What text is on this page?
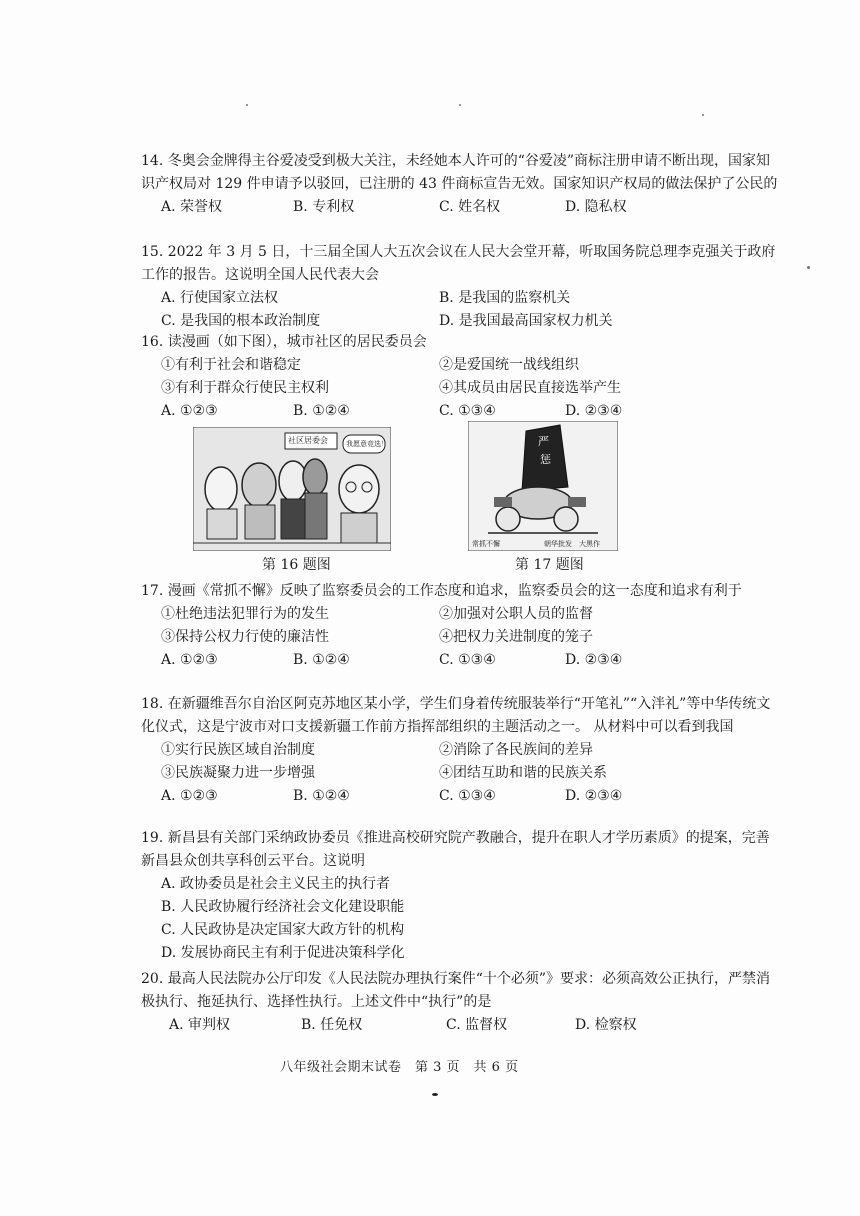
14. 冬奥会金牌得主谷爱凌受到极大关注，未经她本人许可的“谷爱凌”商标注册申请不断出现，国家知识产权局对 129 件申请予以驳回，已注册的 43 件商标宣告无效。国家知识产权局的做法保护了公民的

A. 荣誉权	B. 专利权	C. 姓名权	D. 隐私权

15. 2022 年 3 月 5 日，十三届全国人大五次会议在人民大会堂开幕，听取国务院总理李克强关于政府工作的报告。这说明全国人民代表大会

A. 行使国家立法权	B. 是我国的监察机关
C. 是我国的根本政治制度	D. 是我国最高国家权力机关

16. 读漫画（如下图），城市社区的居民委员会

①有利于社会和谐稳定	②是爱国统一战线组织
③有利于群众行使民主权利	④其成员由居民直接选举产生
A. ①②③	B. ①②④	C. ①③④	D. ②③④
社区居委会	我愿意竞选！
第 16 题图
严
惩
常抓不懈	朝华批发　大黑作
第 17 题图

17. 漫画《常抓不懈》反映了监察委员会的工作态度和追求，监察委员会的这一态度和追求有利于

①杜绝违法犯罪行为的发生	②加强对公职人员的监督
③保持公权力行使的廉洁性	④把权力关进制度的笼子
A. ①②③	B. ①②④	C. ①③④	D. ②③④

18. 在新疆维吾尔自治区阿克苏地区某小学，学生们身着传统服装举行“开笔礼”“入泮礼”等中华传统文化仪式，这是宁波市对口支援新疆工作前方指挥部组织的主题活动之一。 从材料中可以看到我国

①实行民族区域自治制度	②消除了各民族间的差异
③民族凝聚力进一步增强	④团结互助和谐的民族关系
A. ①②③	B. ①②④	C. ①③④	D. ②③④

19. 新昌县有关部门采纳政协委员《推进高校研究院产教融合，提升在职人才学历素质》的提案，完善新昌县众创共享科创云平台。这说明

A. 政协委员是社会主义民主的执行者
B. 人民政协履行经济社会文化建设职能
C. 人民政协是决定国家大政方针的机构
D. 发展协商民主有利于促进决策科学化

20. 最高人民法院办公厅印发《人民法院办理执行案件“十个必须”》要求：必须高效公正执行，严禁消极执行、拖延执行、选择性执行。上述文件中“执行”的是

A. 审判权	B. 任免权	C. 监督权	D. 检察权
八年级社会期末试卷　第 3 页　共 6 页
